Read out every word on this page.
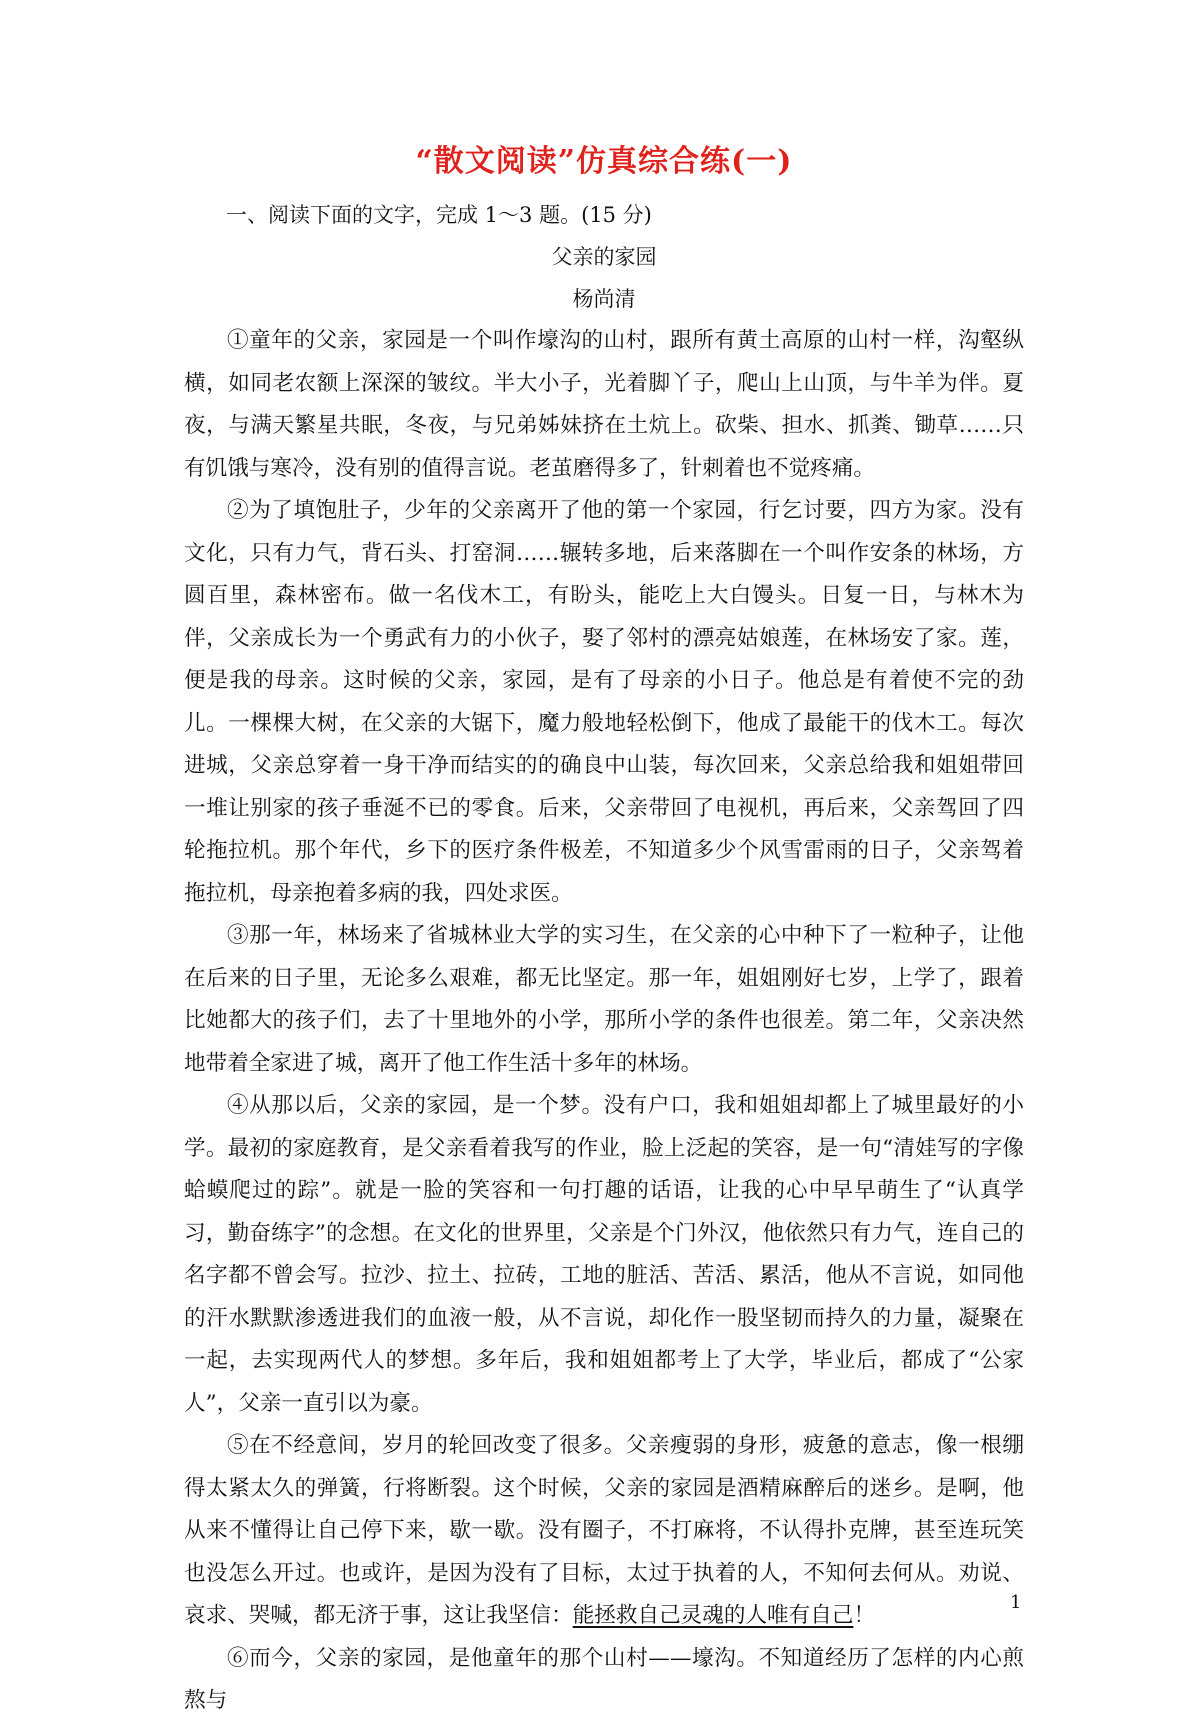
“散文阅读”仿真综合练(一)

一、阅读下面的文字，完成 1～3 题。(15 分)

父亲的家园

杨尚清

①童年的父亲，家园是一个叫作壕沟的山村，跟所有黄土高原的山村一样，沟壑纵横，如同老农额上深深的皱纹。半大小子，光着脚丫子，爬山上山顶，与牛羊为伴。夏夜，与满天繁星共眠，冬夜，与兄弟姊妹挤在土炕上。砍柴、担水、抓粪、锄草……只有饥饿与寒冷，没有别的值得言说。老茧磨得多了，针刺着也不觉疼痛。

②为了填饱肚子，少年的父亲离开了他的第一个家园，行乞讨要，四方为家。没有文化，只有力气，背石头、打窑洞……辗转多地，后来落脚在一个叫作安条的林场，方圆百里，森林密布。做一名伐木工，有盼头，能吃上大白馒头。日复一日，与林木为伴，父亲成长为一个勇武有力的小伙子，娶了邻村的漂亮姑娘莲，在林场安了家。莲，便是我的母亲。这时候的父亲，家园，是有了母亲的小日子。他总是有着使不完的劲儿。一棵棵大树，在父亲的大锯下，魔力般地轻松倒下，他成了最能干的伐木工。每次进城，父亲总穿着一身干净而结实的的确良中山装，每次回来，父亲总给我和姐姐带回一堆让别家的孩子垂涎不已的零食。后来，父亲带回了电视机，再后来，父亲驾回了四轮拖拉机。那个年代，乡下的医疗条件极差，不知道多少个风雪雷雨的日子，父亲驾着拖拉机，母亲抱着多病的我，四处求医。

③那一年，林场来了省城林业大学的实习生，在父亲的心中种下了一粒种子，让他在后来的日子里，无论多么艰难，都无比坚定。那一年，姐姐刚好七岁，上学了，跟着比她都大的孩子们，去了十里地外的小学，那所小学的条件也很差。第二年，父亲决然地带着全家进了城，离开了他工作生活十多年的林场。

④从那以后，父亲的家园，是一个梦。没有户口，我和姐姐却都上了城里最好的小学。最初的家庭教育，是父亲看着我写的作业，脸上泛起的笑容，是一句“清娃写的字像蛤蟆爬过的踪”。就是一脸的笑容和一句打趣的话语，让我的心中早早萌生了“认真学习，勤奋练字”的念想。在文化的世界里，父亲是个门外汉，他依然只有力气，连自己的名字都不曾会写。拉沙、拉土、拉砖，工地的脏活、苦活、累活，他从不言说，如同他的汗水默默渗透进我们的血液一般，从不言说，却化作一股坚韧而持久的力量，凝聚在一起，去实现两代人的梦想。多年后，我和姐姐都考上了大学，毕业后，都成了“公家人”，父亲一直引以为豪。

⑤在不经意间，岁月的轮回改变了很多。父亲瘦弱的身形，疲惫的意志，像一根绷得太紧太久的弹簧，行将断裂。这个时候，父亲的家园是酒精麻醉后的迷乡。是啊，他从来不懂得让自己停下来，歇一歇。没有圈子，不打麻将，不认得扑克牌，甚至连玩笑也没怎么开过。也或许，是因为没有了目标，太过于执着的人，不知何去何从。劝说、哀求、哭喊，都无济于事，这让我坚信：能拯救自己灵魂的人唯有自己！

⑥而今，父亲的家园，是他童年的那个山村——壕沟。不知道经历了怎样的内心煎熬与

1
